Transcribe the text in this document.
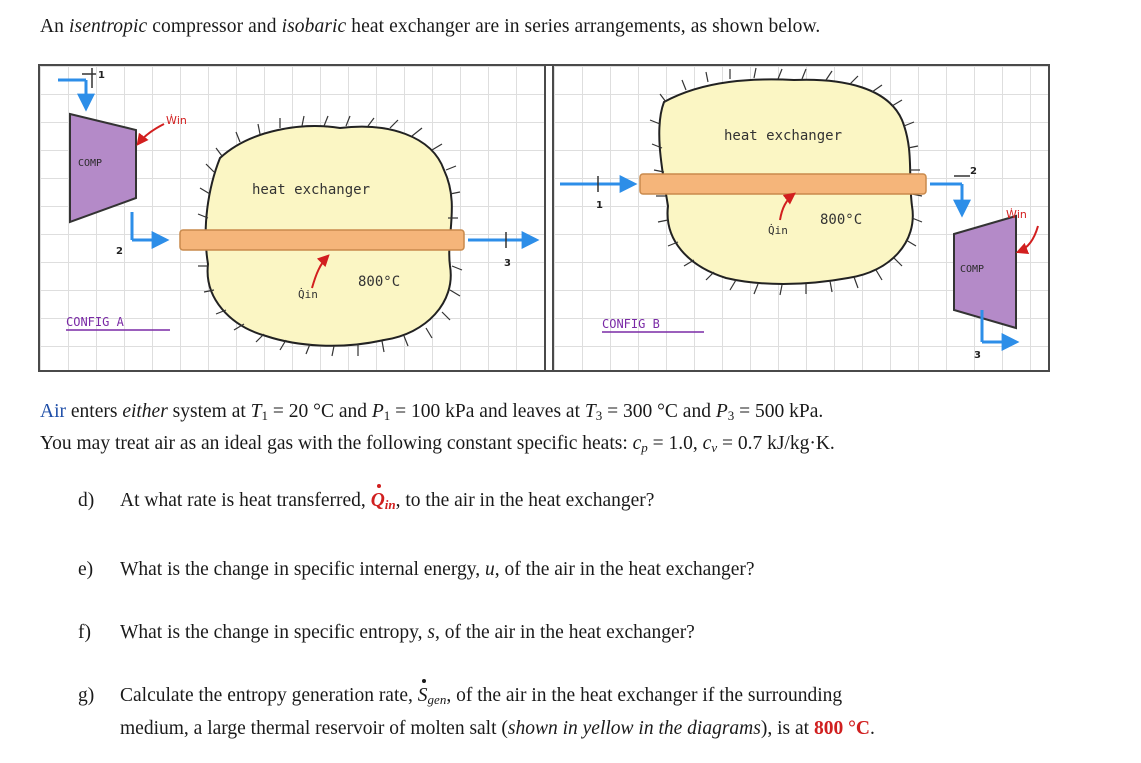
An isentropic compressor and isobaric heat exchanger are in series arrangements, as shown below.
1
COMP
Ẇin
2
heat exchanger
3
Q̇in
800°C
CONFIG A
heat exchanger
1
2
Q̇in
800°C
COMP
Ẇin
3
CONFIG B
Air enters either system at $T_1 = 20$ °C and $P_1 = 100$ kPa and leaves at $T_3 = 300$ °C and $P_3 = 500$ kPa.
You may treat air as an ideal gas with the following constant specific heats: $c_p = 1.0$, $c_v = 0.7$ kJ/kg·K.
d) At what rate is heat transferred, $Q_{in}$, to the air in the heat exchanger?
e) What is the change in specific internal energy, u, of the air in the heat exchanger?
f) What is the change in specific entropy, s, of the air in the heat exchanger?
g) Calculate the entropy generation rate, $S_{gen}$, of the air in the heat exchanger if the surrounding
medium, a large thermal reservoir of molten salt (shown in yellow in the diagrams), is at 800 °C.
